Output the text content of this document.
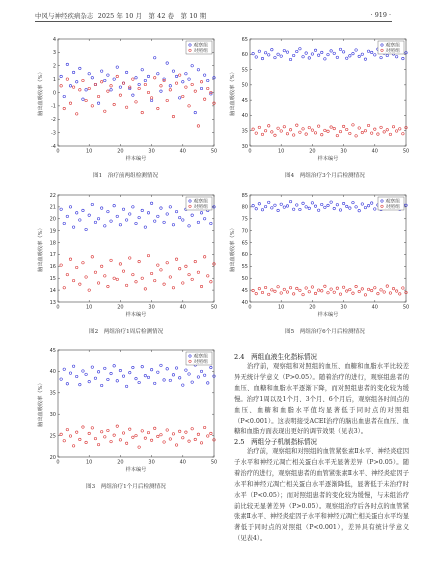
中风与神经疾病杂志 2025 年 10 月　第 42 卷　第 10 期	· 919 ·
0	10	20	30	40	50
-4
-3
-2
-1
0
1
2
3
4
样本编号
脑出血吸收率（%）
观察组
对照组
图1　治疗前两组检测情况
0	10	20	30	40	50
13
14
15
16
17
18
19
20
21
22
样本编号
脑出血吸收率（%）
观察组
对照组
图2　两组治疗1周后检测情况
0	10	20	30	40	50
20
25
30
35
40
45
样本编号
脑出血吸收率（%）
观察组
对照组
图3　两组治疗1个月后检测情况
0	10	20	30	40	50
30
35
40
45
50
55
60
65
样本编号
脑出血吸收率（%）
观察组
对照组
图4　两组治疗3个月后检测情况
0	10	20	30	40	50
40
45
50
55
60
65
70
75
80
85
样本编号
脑出血吸收率（%）
观察组
对照组
图5　两组治疗6个月后检测情况
2.4　两组血液生化指标情况
治疗前，观察组和对照组的血压、血糖和血脂水平比较差异无统计学意义（P>0.05）。随着治疗的进行，观察组患者的血压、血糖和血脂水平逐渐下降，而对照组患者的变化较为缓慢。治疗1周以及1个月、3个月、6个月后，观察组各时间点的血压、血糖和血脂水平值均显著低于同时点的对照组（P<0.001）。这表明接受ACEI治疗的脑出血患者在血压、血糖和血脂方面表现出更好的调节效果（见表3）。
2.5　两组分子机制指标情况
治疗前，观察组和对照组的血管紧张素Ⅱ水平、神经炎症因子水平和神经元凋亡相关蛋白水平无显著差异（P>0.05）。随着治疗的进行，观察组患者的血管紧张素Ⅱ水平、神经炎症因子水平和神经元凋亡相关蛋白水平逐渐降低，显著低于未治疗时水平（P<0.05）；而对照组患者的变化较为缓慢，与未组治疗前比较无显著差异（P>0.05）。观察组治疗后各时点的血管紧张素Ⅱ水平、神经炎症因子水平和神经元凋亡相关蛋白水平均显著低于同时点的对照组（P<0.001），差异具有统计学意义（见表4）。
